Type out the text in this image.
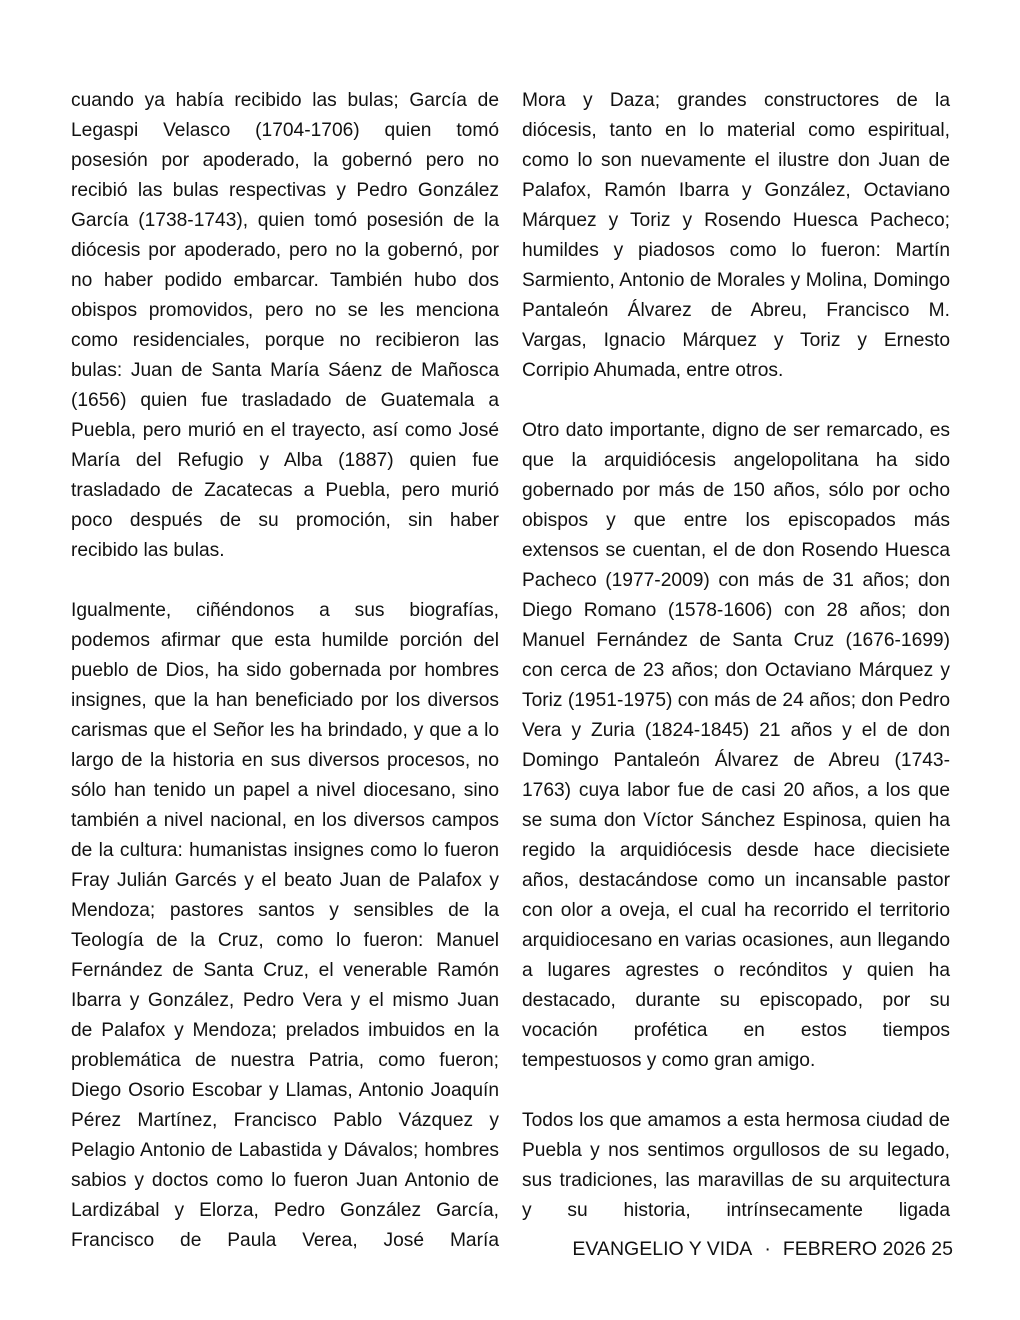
cuando ya había recibido las bulas; García de Legaspi Velasco (1704-1706) quien tomó posesión por apoderado, la gobernó pero no recibió las bulas respectivas y Pedro González García (1738-1743), quien tomó posesión de la diócesis por apoderado, pero no la gobernó, por no haber podido embarcar. También hubo dos obispos promovidos, pero no se les menciona como residenciales, porque no recibieron las bulas: Juan de Santa María Sáenz de Mañosca (1656) quien fue trasladado de Guatemala a Puebla, pero murió en el trayecto, así como José María del Refugio y Alba (1887) quien fue trasladado de Zacatecas a Puebla, pero murió poco después de su promoción, sin haber recibido las bulas.

Igualmente, ciñéndonos a sus biografías, podemos afirmar que esta humilde porción del pueblo de Dios, ha sido gobernada por hombres insignes, que la han beneficiado por los diversos carismas que el Señor les ha brindado, y que a lo largo de la historia en sus diversos procesos, no sólo han tenido un papel a nivel diocesano, sino también a nivel nacional, en los diversos campos de la cultura: humanistas insignes como lo fueron Fray Julián Garcés y el beato Juan de Palafox y Mendoza; pastores santos y sensibles de la Teología de la Cruz, como lo fueron: Manuel Fernández de Santa Cruz, el venerable Ramón Ibarra y González, Pedro Vera y el mismo Juan de Palafox y Mendoza; prelados imbuidos en la problemática de nuestra Patria, como fueron; Diego Osorio Escobar y Llamas, Antonio Joaquín Pérez Martínez, Francisco Pablo Vázquez y Pelagio Antonio de Labastida y Dávalos; hombres sabios y doctos como lo fueron Juan Antonio de Lardizábal y Elorza, Pedro González García, Francisco de Paula Verea, José María

Mora y Daza; grandes constructores de la diócesis, tanto en lo material como espiritual, como lo son nuevamente el ilustre don Juan de Palafox, Ramón Ibarra y González, Octaviano Márquez y Toriz y Rosendo Huesca Pacheco; humildes y piadosos como lo fueron: Martín Sarmiento, Antonio de Morales y Molina, Domingo Pantaleón Álvarez de Abreu, Francisco M. Vargas, Ignacio Márquez y Toriz y Ernesto Corripio Ahumada, entre otros.

Otro dato importante, digno de ser remarcado, es que la arquidiócesis angelopolitana ha sido gobernado por más de 150 años, sólo por ocho obispos y que entre los episcopados más extensos se cuentan, el de don Rosendo Huesca Pacheco (1977-2009) con más de 31 años; don Diego Romano (1578-1606) con 28 años; don Manuel Fernández de Santa Cruz (1676-1699) con cerca de 23 años; don Octaviano Márquez y Toriz (1951-1975) con más de 24 años; don Pedro Vera y Zuria (1824-1845) 21 años y el de don Domingo Pantaleón Álvarez de Abreu (1743-1763) cuya labor fue de casi 20 años, a los que se suma don Víctor Sánchez Espinosa, quien ha regido la arquidiócesis desde hace diecisiete años, destacándose como un incansable pastor con olor a oveja, el cual ha recorrido el territorio arquidiocesano en varias ocasiones, aun llegando a lugares agrestes o recónditos y quien ha destacado, durante su episcopado, por su vocación profética en estos tiempos tempestuosos y como gran amigo.

Todos los que amamos a esta hermosa ciudad de Puebla y nos sentimos orgullosos de su legado, sus tradiciones, las maravillas de su arquitectura y su historia, intrínsecamente ligada

EVANGELIO Y VIDA · FEBRERO 2026 25
